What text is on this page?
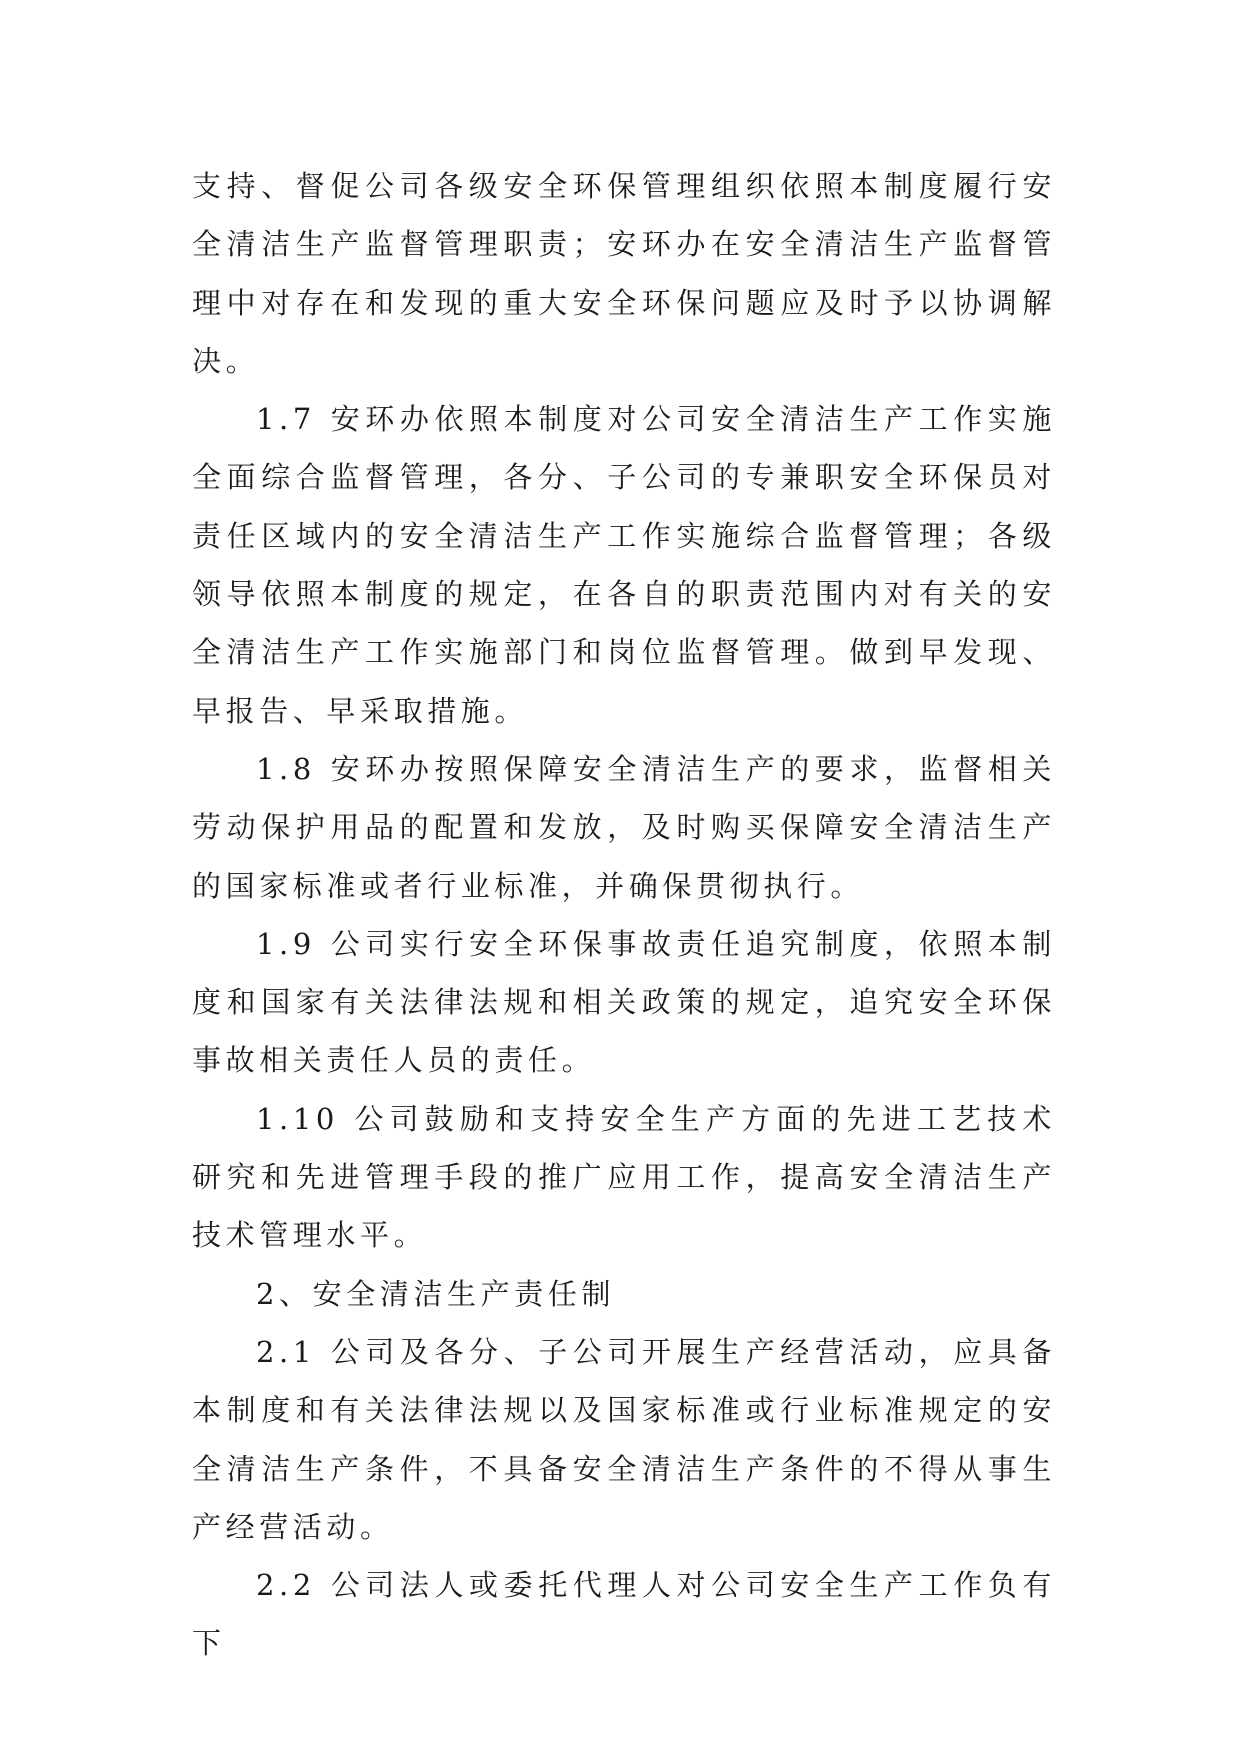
支持、督促公司各级安全环保管理组织依照本制度履行安全清洁生产监督管理职责；安环办在安全清洁生产监督管理中对存在和发现的重大安全环保问题应及时予以协调解决。

1.7 安环办依照本制度对公司安全清洁生产工作实施全面综合监督管理，各分、子公司的专兼职安全环保员对责任区域内的安全清洁生产工作实施综合监督管理；各级领导依照本制度的规定，在各自的职责范围内对有关的安全清洁生产工作实施部门和岗位监督管理。做到早发现、早报告、早采取措施。

1.8 安环办按照保障安全清洁生产的要求，监督相关劳动保护用品的配置和发放，及时购买保障安全清洁生产的国家标准或者行业标准，并确保贯彻执行。

1.9 公司实行安全环保事故责任追究制度，依照本制度和国家有关法律法规和相关政策的规定，追究安全环保事故相关责任人员的责任。

1.10 公司鼓励和支持安全生产方面的先进工艺技术研究和先进管理手段的推广应用工作，提高安全清洁生产技术管理水平。

2、安全清洁生产责任制

2.1 公司及各分、子公司开展生产经营活动，应具备本制度和有关法律法规以及国家标准或行业标准规定的安全清洁生产条件，不具备安全清洁生产条件的不得从事生产经营活动。

2.2 公司法人或委托代理人对公司安全生产工作负有下
